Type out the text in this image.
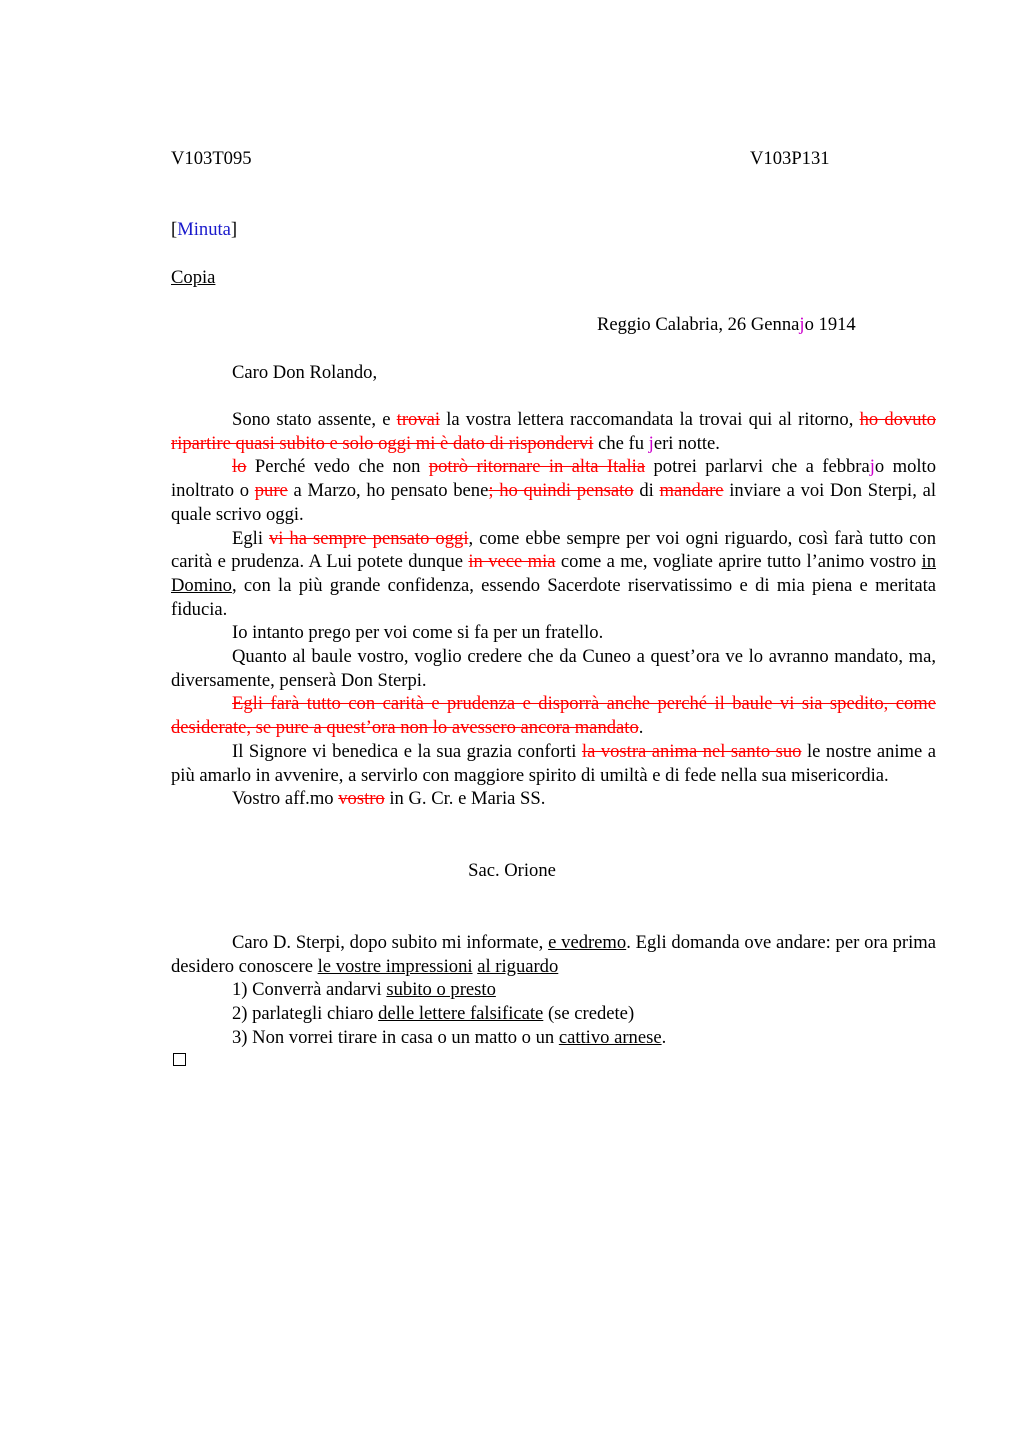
V103T095	V103P131
[Minuta]
Copia
Reggio Calabria, 26 Gennajo 1914
Caro Don Rolando,

Sono stato assente, e trovai la vostra lettera raccomandata la trovai qui al ritorno, ho dovuto ripartire quasi subito e solo oggi mi è dato di rispondervi che fu jeri notte.

lo Perché vedo che non potrò ritornare in alta Italia potrei parlarvi che a febbrajo molto inoltrato o pure a Marzo, ho pensato bene; ho quindi pensato di mandare inviare a voi Don Sterpi, al quale scrivo oggi.

Egli vi ha sempre pensato oggi, come ebbe sempre per voi ogni riguardo, così farà tutto con carità e prudenza. A Lui potete dunque in vece mia come a me, vogliate aprire tutto l’animo vostro in Domino, con la più grande confidenza, essendo Sacerdote riservatissimo e di mia piena e meritata fiducia.

Io intanto prego per voi come si fa per un fratello.

Quanto al baule vostro, voglio credere che da Cuneo a quest’ora ve lo avranno mandato, ma, diversamente, penserà Don Sterpi.

Egli farà tutto con carità e prudenza e disporrà anche perché il baule vi sia spedito, come desiderate, se pure a quest’ora non lo avessero ancora mandato.

Il Signore vi benedica e la sua grazia conforti la vostra anima nel santo suo le nostre anime a più amarlo in avvenire, a servirlo con maggiore spirito di umiltà e di fede nella sua misericordia.

Vostro aff.mo vostro in G. Cr. e Maria SS.

Sac. Orione

Caro D. Sterpi, dopo subito mi informate, e vedremo. Egli domanda ove andare: per ora prima desidero conoscere le vostre impressioni al riguardo

1) Converrà andarvi subito o presto

2) parlategli chiaro delle lettere falsificate (se credete)

3) Non vorrei tirare in casa o un matto o un cattivo arnese.
